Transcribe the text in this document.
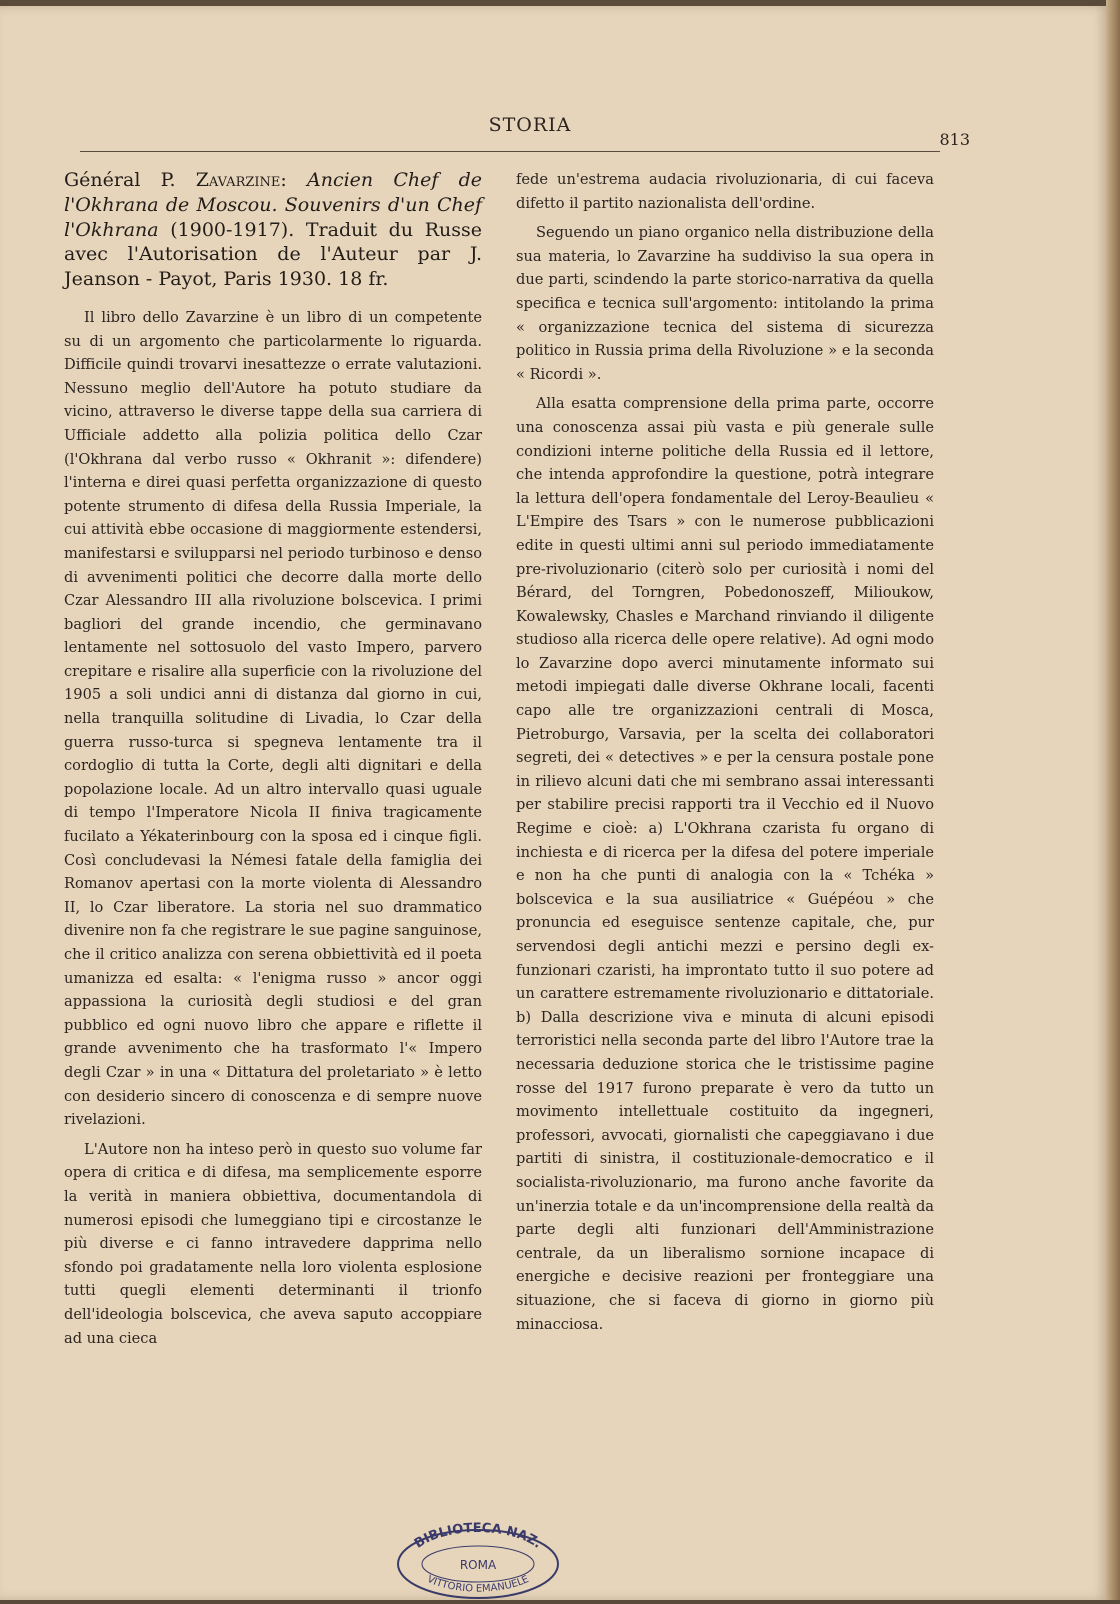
STORIA
813
Général P. Zavarzine: Ancien Chef de l'Okhrana de Moscou. Souvenirs d'un Chef l'Okhrana (1900-1917). Traduit du Russe avec l'Autorisation de l'Auteur par J. Jeanson - Payot, Paris 1930. 18 fr.

Il libro dello Zavarzine è un libro di un competente su di un argomento che particolarmente lo riguarda. Difficile quindi trovarvi inesattezze o errate valutazioni. Nessuno meglio dell'Autore ha potuto studiare da vicino, attraverso le diverse tappe della sua carriera di Ufficiale addetto alla polizia politica dello Czar (l'Okhrana dal verbo russo « Okhranit »: difendere) l'interna e direi quasi perfetta organizzazione di questo potente strumento di difesa della Russia Imperiale, la cui attività ebbe occasione di maggiormente estendersi, manifestarsi e svilupparsi nel periodo turbinoso e denso di avvenimenti politici che decorre dalla morte dello Czar Alessandro III alla rivoluzione bolscevica. I primi bagliori del grande incendio, che germinavano lentamente nel sottosuolo del vasto Impero, parvero crepitare e risalire alla superficie con la rivoluzione del 1905 a soli undici anni di distanza dal giorno in cui, nella tranquilla solitudine di Livadia, lo Czar della guerra russo-turca si spegneva lentamente tra il cordoglio di tutta la Corte, degli alti dignitari e della popolazione locale. Ad un altro intervallo quasi uguale di tempo l'Imperatore Nicola II finiva tragicamente fucilato a Yékaterinbourg con la sposa ed i cinque figli. Così concludevasi la Némesi fatale della famiglia dei Romanov apertasi con la morte violenta di Alessandro II, lo Czar liberatore. La storia nel suo drammatico divenire non fa che registrare le sue pagine sanguinose, che il critico analizza con serena obbiettività ed il poeta umanizza ed esalta: « l'enigma russo » ancor oggi appassiona la curiosità degli studiosi e del gran pubblico ed ogni nuovo libro che appare e riflette il grande avvenimento che ha trasformato l'« Impero degli Czar » in una « Dittatura del proletariato » è letto con desiderio sincero di conoscenza e di sempre nuove rivelazioni.

L'Autore non ha inteso però in questo suo volume far opera di critica e di difesa, ma semplicemente esporre la verità in maniera obbiettiva, documentandola di numerosi episodi che lumeggiano tipi e circostanze le più diverse e ci fanno intravedere dapprima nello sfondo poi gradatamente nella loro violenta esplosione tutti quegli elementi determinanti il trionfo dell'ideologia bolscevica, che aveva saputo accoppiare ad una cieca

fede un'estrema audacia rivoluzionaria, di cui faceva difetto il partito nazionalista dell'ordine.

Seguendo un piano organico nella distribuzione della sua materia, lo Zavarzine ha suddiviso la sua opera in due parti, scindendo la parte storico-narrativa da quella specifica e tecnica sull'argomento: intitolando la prima « organizzazione tecnica del sistema di sicurezza politico in Russia prima della Rivoluzione » e la seconda « Ricordi ».

Alla esatta comprensione della prima parte, occorre una conoscenza assai più vasta e più generale sulle condizioni interne politiche della Russia ed il lettore, che intenda approfondire la questione, potrà integrare la lettura dell'opera fondamentale del Leroy-Beaulieu « L'Empire des Tsars » con le numerose pubblicazioni edite in questi ultimi anni sul periodo immediatamente pre-rivoluzionario (citerò solo per curiosità i nomi del Bérard, del Torngren, Pobedonoszeff, Milioukow, Kowalewsky, Chasles e Marchand rinviando il diligente studioso alla ricerca delle opere relative). Ad ogni modo lo Zavarzine dopo averci minutamente informato sui metodi impiegati dalle diverse Okhrane locali, facenti capo alle tre organizzazioni centrali di Mosca, Pietroburgo, Varsavia, per la scelta dei collaboratori segreti, dei « detectives » e per la censura postale pone in rilievo alcuni dati che mi sembrano assai interessanti per stabilire precisi rapporti tra il Vecchio ed il Nuovo Regime e cioè: a) L'Okhrana czarista fu organo di inchiesta e di ricerca per la difesa del potere imperiale e non ha che punti di analogia con la « Tchéka » bolscevica e la sua ausiliatrice « Guépéou » che pronuncia ed eseguisce sentenze capitale, che, pur servendosi degli antichi mezzi e persino degli ex-funzionari czaristi, ha improntato tutto il suo potere ad un carattere estremamente rivoluzionario e dittatoriale. b) Dalla descrizione viva e minuta di alcuni episodi terroristici nella seconda parte del libro l'Autore trae la necessaria deduzione storica che le tristissime pagine rosse del 1917 furono preparate è vero da tutto un movimento intellettuale costituito da ingegneri, professori, avvocati, giornalisti che capeggiavano i due partiti di sinistra, il costituzionale-democratico e il socialista-rivoluzionario, ma furono anche favorite da un'inerzia totale e da un'incomprensione della realtà da parte degli alti funzionari dell'Amministrazione centrale, da un liberalismo sornione incapace di energiche e decisive reazioni per fronteggiare una situazione, che si faceva di giorno in giorno più minacciosa.

BIBLIOTECA NAZ.
ROMA
VITTORIO EMANUELE
